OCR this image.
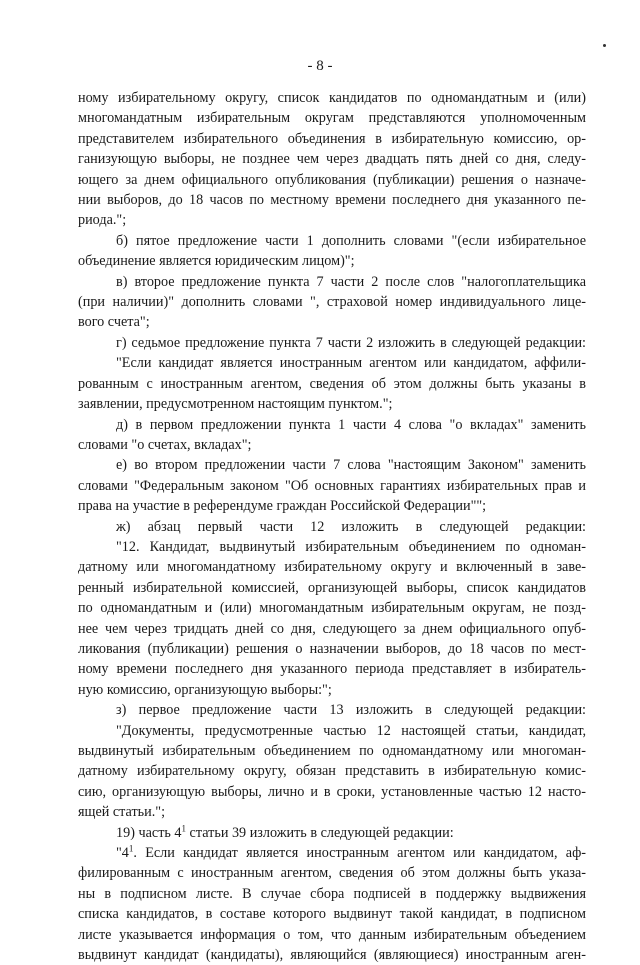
- 8 -
ному избирательному округу, список кандидатов по одномандатным и (или)
многомандатным избирательным округам представляются уполномоченным
представителем избирательного объединения в избирательную комиссию, ор-
ганизующую выборы, не позднее чем через двадцать пять дней со дня, следу-
ющего за днем официального опубликования (публикации) решения о назначе-
нии выборов, до 18 часов по местному времени последнего дня указанного пе-
риода.";
б) пятое предложение части 1 дополнить словами "(если избирательное
объединение является юридическим лицом)";
в) второе предложение пункта 7 части 2 после слов "налогоплательщика
(при наличии)" дополнить словами ", страховой номер индивидуального лице-
вого счета";
г) седьмое предложение пункта 7 части 2 изложить в следующей редакции:
"Если кандидат является иностранным агентом или кандидатом, аффили-
рованным с иностранным агентом, сведения об этом должны быть указаны в
заявлении, предусмотренном настоящим пунктом.";
д) в первом предложении пункта 1 части 4 слова "о вкладах" заменить
словами "о счетах, вкладах";
е) во втором предложении части 7 слова "настоящим Законом" заменить
словами "Федеральным законом "Об основных гарантиях избирательных прав и
права на участие в референдуме граждан Российской Федерации"";
ж) абзац первый части 12 изложить в следующей редакции:
"12. Кандидат, выдвинутый избирательным объединением по одноман-
датному или многомандатному избирательному округу и включенный в заве-
ренный избирательной комиссией, организующей выборы, список кандидатов
по одномандатным и (или) многомандатным избирательным округам, не позд-
нее чем через тридцать дней со дня, следующего за днем официального опуб-
ликования (публикации) решения о назначении выборов, до 18 часов по мест-
ному времени последнего дня указанного периода представляет в избиратель-
ную комиссию, организующую выборы:";
з) первое предложение части 13 изложить в следующей редакции:
"Документы, предусмотренные частью 12 настоящей статьи, кандидат,
выдвинутый избирательным объединением по одномандатному или многоман-
датному избирательному округу, обязан представить в избирательную комис-
сию, организующую выборы, лично и в сроки, установленные частью 12 насто-
ящей статьи.";
19) часть $4^1$ статьи 39 изложить в следующей редакции:
"$4^1$. Если кандидат является иностранным агентом или кандидатом, аф-
филированным с иностранным агентом, сведения об этом должны быть указа-
ны в подписном листе. В случае сбора подписей в поддержку выдвижения
списка кандидатов, в составе которого выдвинут такой кандидат, в подписном
листе указывается информация о том, что данным избирательным объедением
выдвинут кандидат (кандидаты), являющийся (являющиеся) иностранным аген-
